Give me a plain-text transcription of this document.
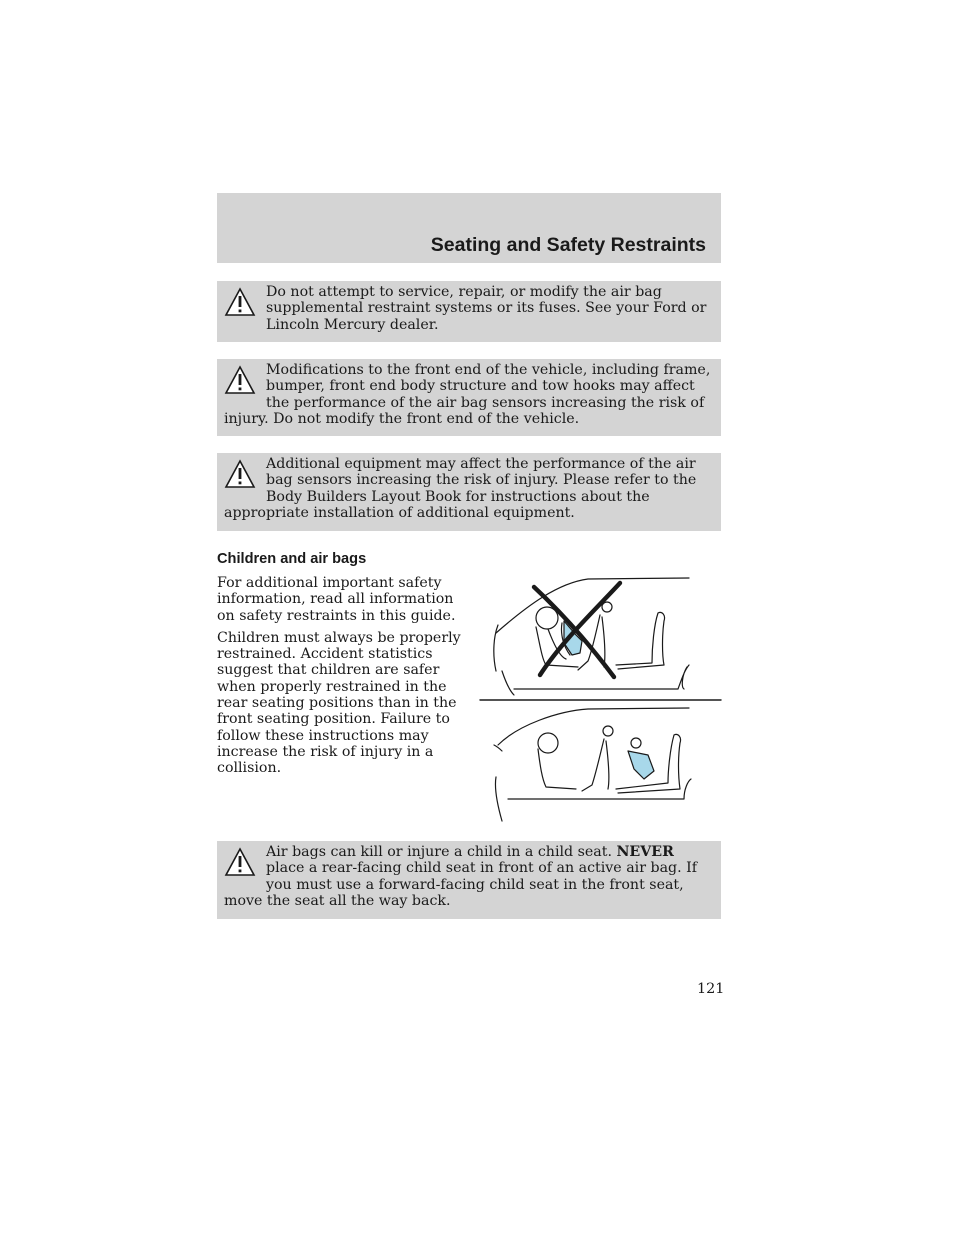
Seating and Safety Restraints

Do not attempt to service, repair, or modify the air bag supplemental restraint systems or its fuses. See your Ford or Lincoln Mercury dealer.

Modifications to the front end of the vehicle, including frame, bumper, front end body structure and tow hooks may affect the performance of the air bag sensors increasing the risk of injury. Do not modify the front end of the vehicle.

Additional equipment may affect the performance of the air bag sensors increasing the risk of injury. Please refer to the Body Builders Layout Book for instructions about the appropriate installation of additional equipment.

Children and air bags

For additional important safety information, read all information on safety restraints in this guide.

Children must always be properly restrained. Accident statistics suggest that children are safer when properly restrained in the rear seating positions than in the front seating position. Failure to follow these instructions may increase the risk of injury in a collision.

Air bags can kill or injure a child in a child seat. NEVER place a rear-facing child seat in front of an active air bag. If you must use a forward-facing child seat in the front seat, move the seat all the way back.

121
